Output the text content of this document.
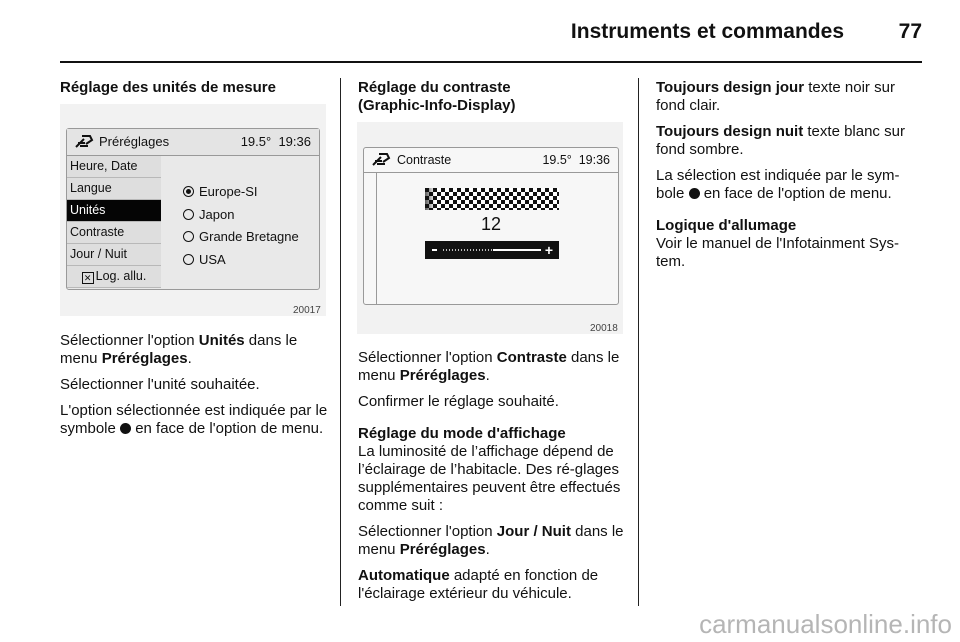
Instruments et commandes	77
Réglage des unités de mesure
Préréglages	19.5° 19:36
Heure, Date
Langue
Unités
Contraste
Jour / Nuit
✕ Log. allu.
Europe-SI
Japon
Grande Bretagne
USA
20017

Sélectionner l'option Unités dans le menu Préréglages.

Sélectionner l'unité souhaitée.

L'option sélectionnée est indiquée par le symbole  en face de l'option de menu.

Réglage du contraste
(Graphic-Info-Display)
Contraste	19.5° 19:36
12
+
20018

Sélectionner l'option Contraste dans le menu Préréglages.

Confirmer le réglage souhaité.

Réglage du mode d'affichage

La luminosité de l’affichage dépend de l’éclairage de l’habitacle. Des ré-glages supplémentaires peuvent être effectués comme suit :

Sélectionner l'option Jour / Nuit dans le menu Préréglages.

Automatique adapté en fonction de l'éclairage extérieur du véhicule.

Toujours design jour texte noir sur fond clair.

Toujours design nuit texte blanc sur fond sombre.

La sélection est indiquée par le sym-bole  en face de l'option de menu.

Logique d'allumage

Voir le manuel de l'Infotainment Sys-tem.

carmanualsonline.info
